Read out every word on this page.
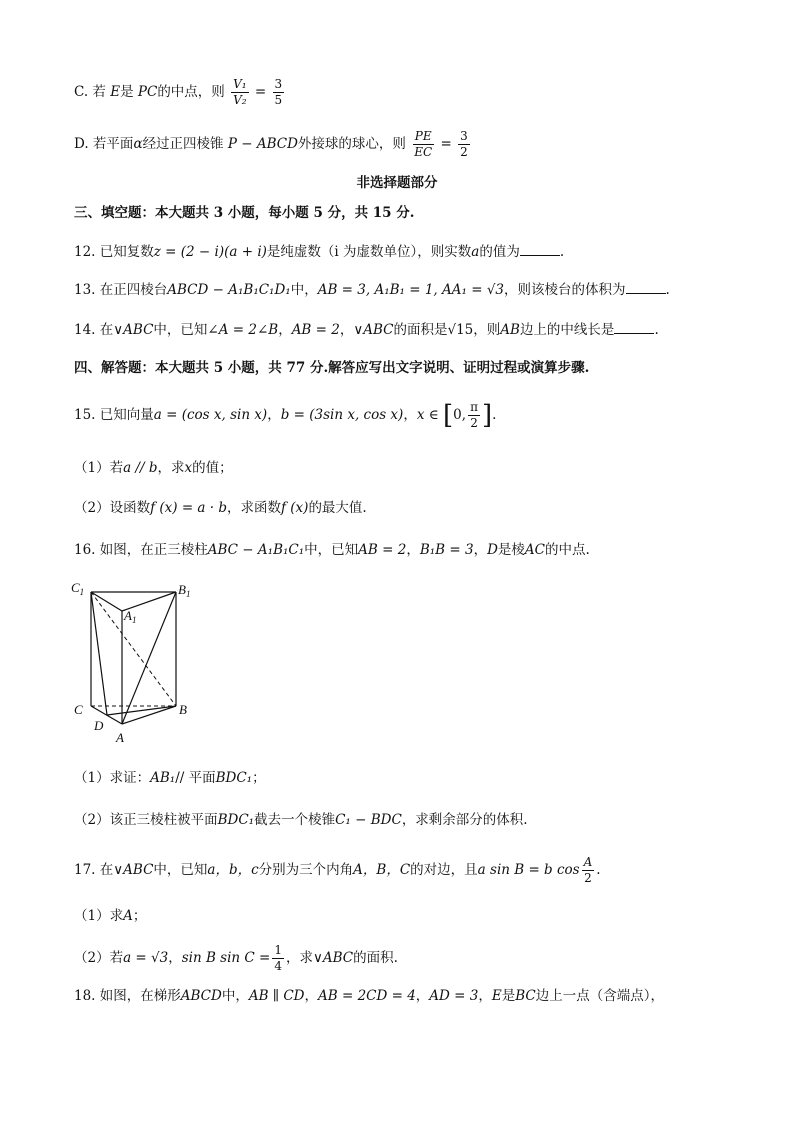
C. 若 E是 PC的中点，则 $\frac{\text{V₁}}{\text{V₂}} = \frac{3}{5}$
D. 若平面α经过正四棱锥 P − ABCD外接球的球心，则 $\frac{PE}{EC} = \frac{3}{2}$
非选择题部分
三、填空题：本大题共 3 小题，每小题 5 分，共 15 分.
12. 已知复数z = (2 − i)(a + i)是纯虚数（i 为虚数单位），则实数a的值为	.
13. 在正四棱台ABCD − A₁B₁C₁D₁中，AB = 3, A₁B₁ = 1, AA₁ = √3，则该棱台的体积为	.
14. 在∨ABC中，已知∠A = 2∠B，AB = 2，∨ABC的面积是√15，则AB边上的中线长是	.
四、解答题：本大题共 5 小题，共 77 分.解答应写出文字说明、证明过程或演算步骤.
15. 已知向量a = (cos x, sin x)，b = (3sin x, cos x)，x ∈ [0, $\frac{\pi}{2}$ ].
（1）若a // b，求x的值；
（2）设函数f (x) = a · b，求函数f (x)的最大值.
16. 如图，在正三棱柱ABC − A₁B₁C₁中，已知AB = 2，B₁B = 3，D是棱AC的中点.
$C_1$	$B_1$
$A_1$
C	B
D
A
（1）求证：AB₁// 平面BDC₁；
（2）该正三棱柱被平面BDC₁截去一个棱锥C₁ − BDC，求剩余部分的体积.
17. 在∨ABC中，已知a，b，c分别为三个内角A，B，C的对边，且a sin B = b $\cos \frac{A}{2}$ .
（1）求A；
（2）若a = √3，sin B $\sin C = \frac{1}{4}$ ，求∨ABC的面积.
18. 如图，在梯形ABCD中，AB ∥ CD，AB = 2CD = 4，AD = 3，E是BC边上一点（含端点），
